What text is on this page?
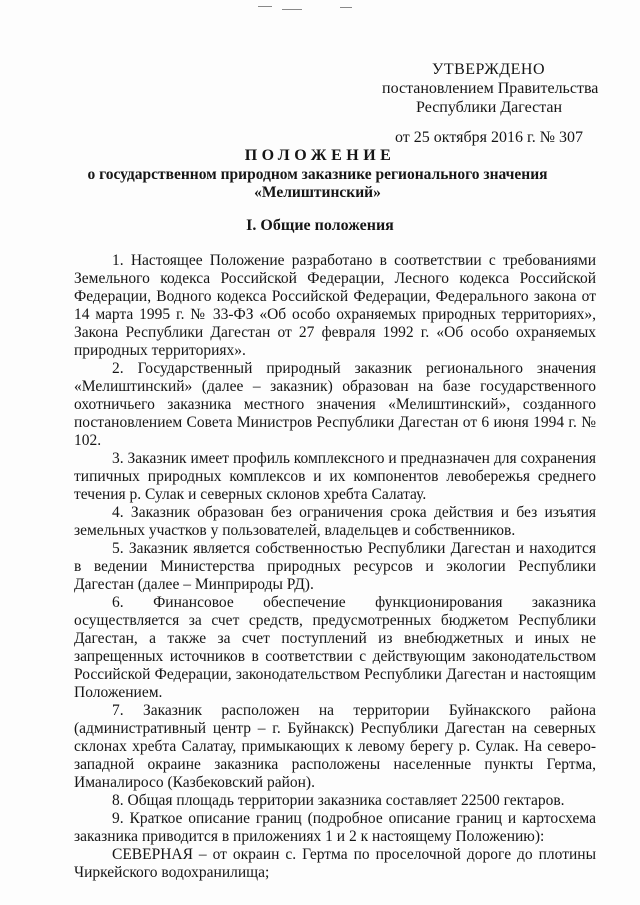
УТВЕРЖДЕНО
постановлением Правительства
Республики Дагестан
от 25 октября 2016 г. № 307
ПОЛОЖЕНИЕ
о государственном природном заказнике регионального значения
«Мелиштинский»
I. Общие положения

1. Настоящее Положение разработано в соответствии с требованиями Земельного кодекса Российской Федерации, Лесного кодекса Российской Федерации, Водного кодекса Российской Федерации, Федерального закона от 14 марта 1995 г. № 33-ФЗ «Об особо охраняемых природных территориях», Закона Республики Дагестан от 27 февраля 1992 г. «Об особо охраняемых природных территориях».

2. Государственный природный заказник регионального значения «Мелиштинский» (далее – заказник) образован на базе государственного охотничьего заказника местного значения «Мелиштинский», созданного постановлением Совета Министров Республики Дагестан от 6 июня 1994 г. № 102.

3. Заказник имеет профиль комплексного и предназначен для сохранения типичных природных комплексов и их компонентов левобережья среднего течения р. Сулак и северных склонов хребта Салатау.

4. Заказник образован без ограничения срока действия и без изъятия земельных участков у пользователей, владельцев и собственников.

5. Заказник является собственностью Республики Дагестан и находится в ведении Министерства природных ресурсов и экологии Республики Дагестан (далее – Минприроды РД).

6. Финансовое обеспечение функционирования заказника осуществляется за счет средств, предусмотренных бюджетом Республики Дагестан, а также за счет поступлений из внебюджетных и иных не запрещенных источников в соответствии с действующим законодательством Российской Федерации, законодательством Республики Дагестан и настоящим Положением.

7. Заказник расположен на территории Буйнакского района (административный центр – г. Буйнакск) Республики Дагестан на северных склонах хребта Салатау, примыкающих к левому берегу р. Сулак. На северо-западной окраине заказника расположены населенные пункты Гертма, Иманалиросо (Казбековский район).

8. Общая площадь территории заказника составляет 22500 гектаров.

9. Краткое описание границ (подробное описание границ и картосхема заказника приводится в приложениях 1 и 2 к настоящему Положению):

СЕВЕРНАЯ – от окраин с. Гертма по проселочной дороге до плотины Чиркейского водохранилища;
